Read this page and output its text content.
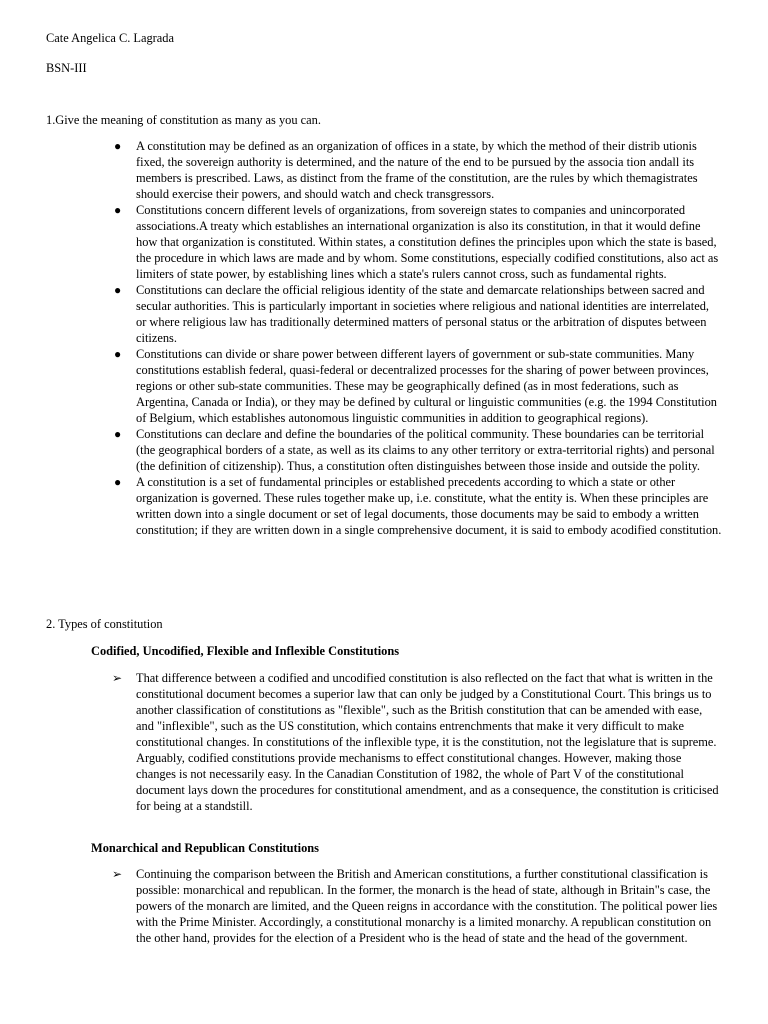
Cate Angelica C. Lagrada
BSN-III
1.Give the meaning of constitution as many as you can.
● A constitution may be defined as an organization of offices in a state, by which the method of their distrib utionis fixed, the sovereign authority is determined, and the nature of the end to be pursued by the associa tion andall its members is prescribed. Laws, as distinct from the frame of the constitution, are the rules by which themagistrates should exercise their powers, and should watch and check transgressors.
● Constitutions concern different levels of organizations, from sovereign states to companies and unincorporated associations.A treaty which establishes an international organization is also its constitution, in that it would define how that organization is constituted. Within states, a constitution defines the principles upon which the state is based, the procedure in which laws are made and by whom. Some constitutions, especially codified constitutions, also act as limiters of state power, by establishing lines which a state's rulers cannot cross, such as fundamental rights.
● Constitutions can declare the official religious identity of the state and demarcate relationships between sacred and secular authorities. This is particularly important in societies where religious and national identities are interrelated, or where religious law has traditionally determined matters of personal status or the arbitration of disputes between citizens.
● Constitutions can divide or share power between different layers of government or sub-state communities. Many constitutions establish federal, quasi-federal or decentralized processes for the sharing of power between provinces, regions or other sub-state communities. These may be geographically defined (as in most federations, such as Argentina, Canada or India), or they may be defined by cultural or linguistic communities (e.g. the 1994 Constitution of Belgium, which establishes autonomous linguistic communities in addition to geographical regions).
● Constitutions can declare and define the boundaries of the political community. These boundaries can be territorial (the geographical borders of a state, as well as its claims to any other territory or extra-territorial rights) and personal (the definition of citizenship). Thus, a constitution often distinguishes between those inside and outside the polity.
● A constitution is a set of fundamental principles or established precedents according to which a state or other organization is governed. These rules together make up, i.e. constitute, what the entity is. When these principles are written down into a single document or set of legal documents, those documents may be said to embody a written constitution; if they are written down in a single comprehensive document, it is said to embody acodified constitution.
2. Types of constitution
Codified, Uncodified, Flexible and Inflexible Constitutions
➢ That difference between a codified and uncodified constitution is also reflected on the fact that what is written in the constitutional document becomes a superior law that can only be judged by a Constitutional Court. This brings us to another classification of constitutions as "flexible", such as the British constitution that can be amended with ease, and "inflexible", such as the US constitution, which contains entrenchments that make it very difficult to make constitutional changes. In constitutions of the inflexible type, it is the constitution, not the legislature that is supreme. Arguably, codified constitutions provide mechanisms to effect constitutional changes. However, making those changes is not necessarily easy. In the Canadian Constitution of 1982, the whole of Part V of the constitutional document lays down the procedures for constitutional amendment, and as a consequence, the constitution is criticised for being at a standstill.
Monarchical and Republican Constitutions
➢ Continuing the comparison between the British and American constitutions, a further constitutional classification is possible: monarchical and republican. In the former, the monarch is the head of state, although in Britain"s case, the powers of the monarch are limited, and the Queen reigns in accordance with the constitution. The political power lies with the Prime Minister. Accordingly, a constitutional monarchy is a limited monarchy. A republican constitution on the other hand, provides for the election of a President who is the head of state and the head of the government.
